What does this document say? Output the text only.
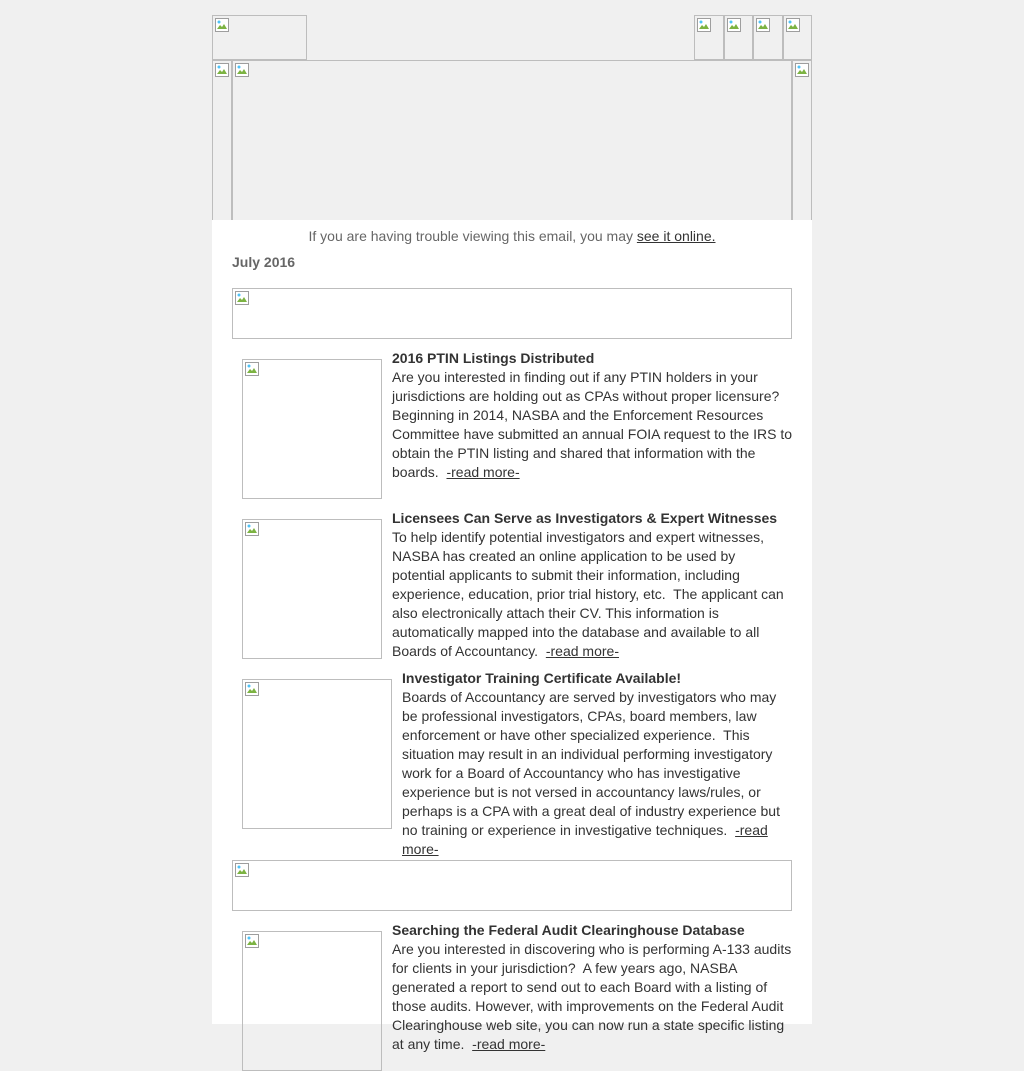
If you are having trouble viewing this email, you may see it online.
July 2016
2016 PTIN Listings Distributed

Are you interested in finding out if any PTIN holders in your jurisdictions are holding out as CPAs without proper licensure? Beginning in 2014, NASBA and the Enforcement Resources Committee have submitted an annual FOIA request to the IRS to obtain the PTIN listing and shared that information with the boards.  -read more-

Licensees Can Serve as Investigators & Expert Witnesses

To help identify potential investigators and expert witnesses, NASBA has created an online application to be used by potential applicants to submit their information, including experience, education, prior trial history, etc.  The applicant can also electronically attach their CV. This information is automatically mapped into the database and available to all Boards of Accountancy.  -read more-

Investigator Training Certificate Available!

Boards of Accountancy are served by investigators who may be professional investigators, CPAs, board members, law enforcement or have other specialized experience.  This situation may result in an individual performing investigatory work for a Board of Accountancy who has investigative experience but is not versed in accountancy laws/rules, or perhaps is a CPA with a great deal of industry experience but no training or experience in investigative techniques.  -read more-

Searching the Federal Audit Clearinghouse Database

Are you interested in discovering who is performing A-133 audits for clients in your jurisdiction?  A few years ago, NASBA generated a report to send out to each Board with a listing of those audits. However, with improvements on the Federal Audit Clearinghouse web site, you can now run a state specific listing at any time.  -read more-
